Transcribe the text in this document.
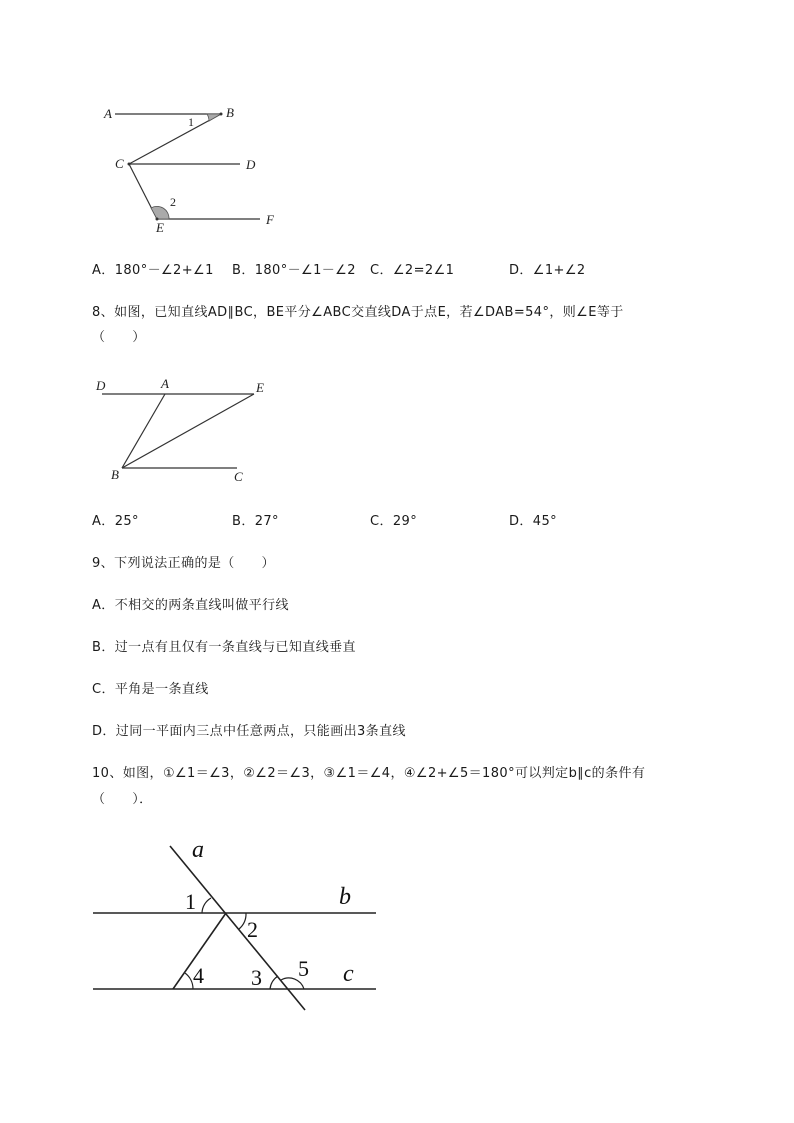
A	B
C	D
E
F
1
2
A．180°－∠2+∠1 B．180°－∠1－∠2 C．∠2=2∠1	D．∠1+∠2
8、如图，已知直线AD∥BC，BE平分∠ABC交直线DA于点E，若∠DAB=54°，则∠E等于
（　　）
D	A	E
B	C
A．25°	B．27°	C．29°	D．45°
9、下列说法正确的是（　　）
A．不相交的两条直线叫做平行线
B．过一点有且仅有一条直线与已知直线垂直
C．平角是一条直线
D．过同一平面内三点中任意两点，只能画出3条直线
10、如图，①∠1＝∠3，②∠2＝∠3，③∠1＝∠4，④∠2+∠5＝180°可以判定b∥c的条件有
（　　）．
a
b
c
1
2
3
4	5
